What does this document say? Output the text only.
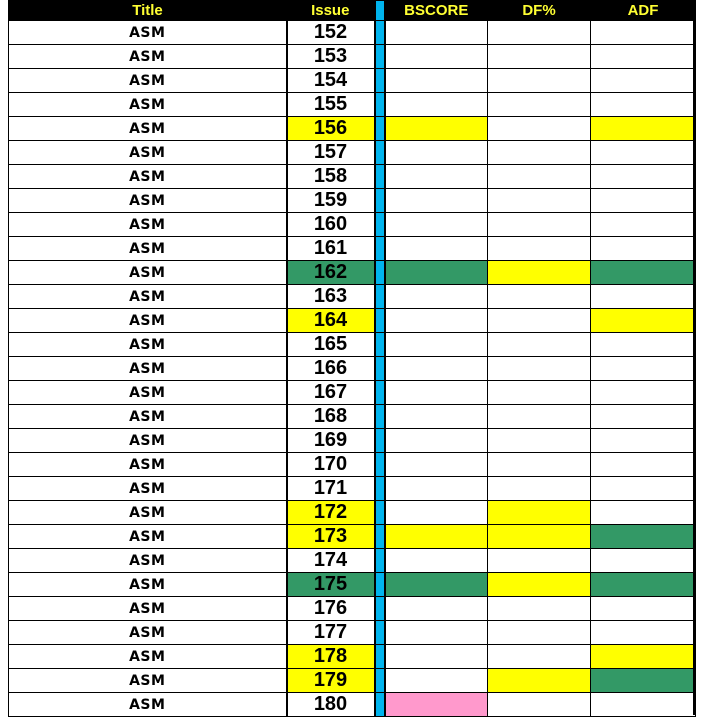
Title	Issue		BSCORE	DF%	ADF
ASM	152				
ASM	153				
ASM	154				
ASM	155				
ASM	156				
ASM	157				
ASM	158				
ASM	159				
ASM	160				
ASM	161				
ASM	162				
ASM	163				
ASM	164				
ASM	165				
ASM	166				
ASM	167				
ASM	168				
ASM	169				
ASM	170				
ASM	171				
ASM	172				
ASM	173				
ASM	174				
ASM	175				
ASM	176				
ASM	177				
ASM	178				
ASM	179				
ASM	180				
